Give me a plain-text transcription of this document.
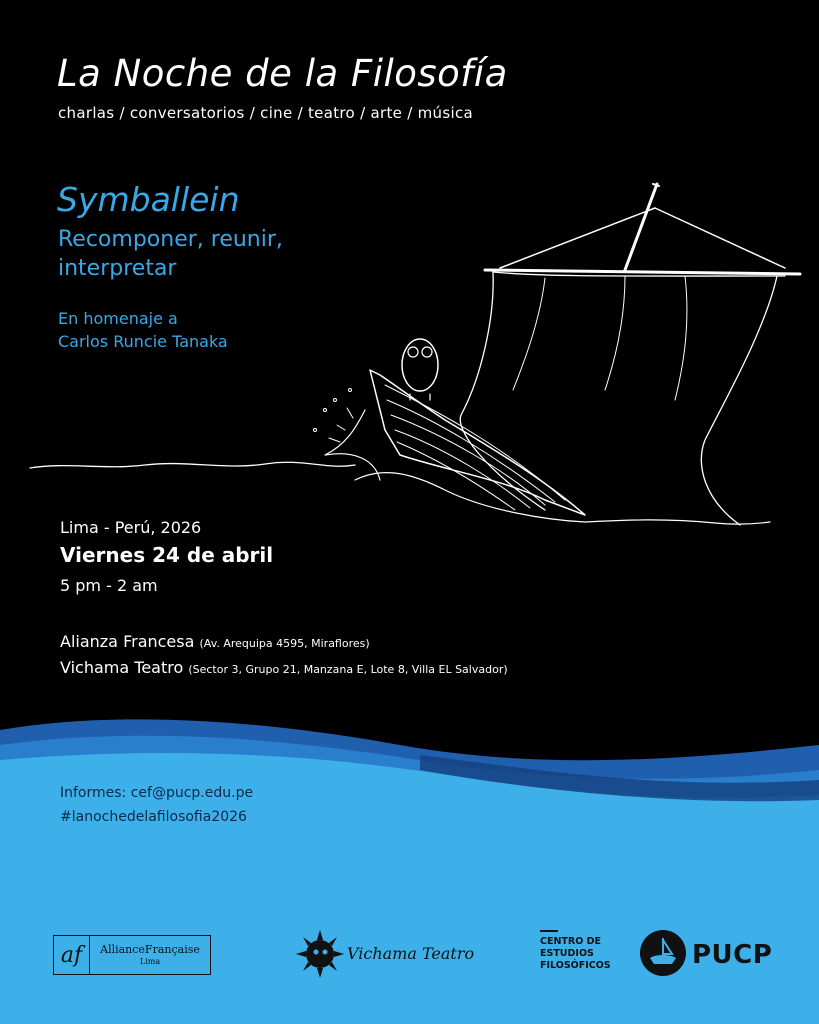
La Noche de la Filosofía
charlas / conversatorios / cine / teatro / arte / música
Symballein
Recomponer, reunir,
interpretar
En homenaje a
Carlos Runcie Tanaka
Lima - Perú, 2026
Viernes 24 de abril
5 pm - 2 am
Alianza Francesa (Av. Arequipa 4595, Miraflores)
Vichama Teatro (Sector 3, Grupo 21, Manzana E, Lote 8, Villa EL Salvador)
Informes: cef@pucp.edu.pe
#lanochedelafilosofia2026
af	AllianceFrançaise
Lima	Vichama Teatro
CENTRO DE
ESTUDIOS
FILOSÓFICOS	PUCP
